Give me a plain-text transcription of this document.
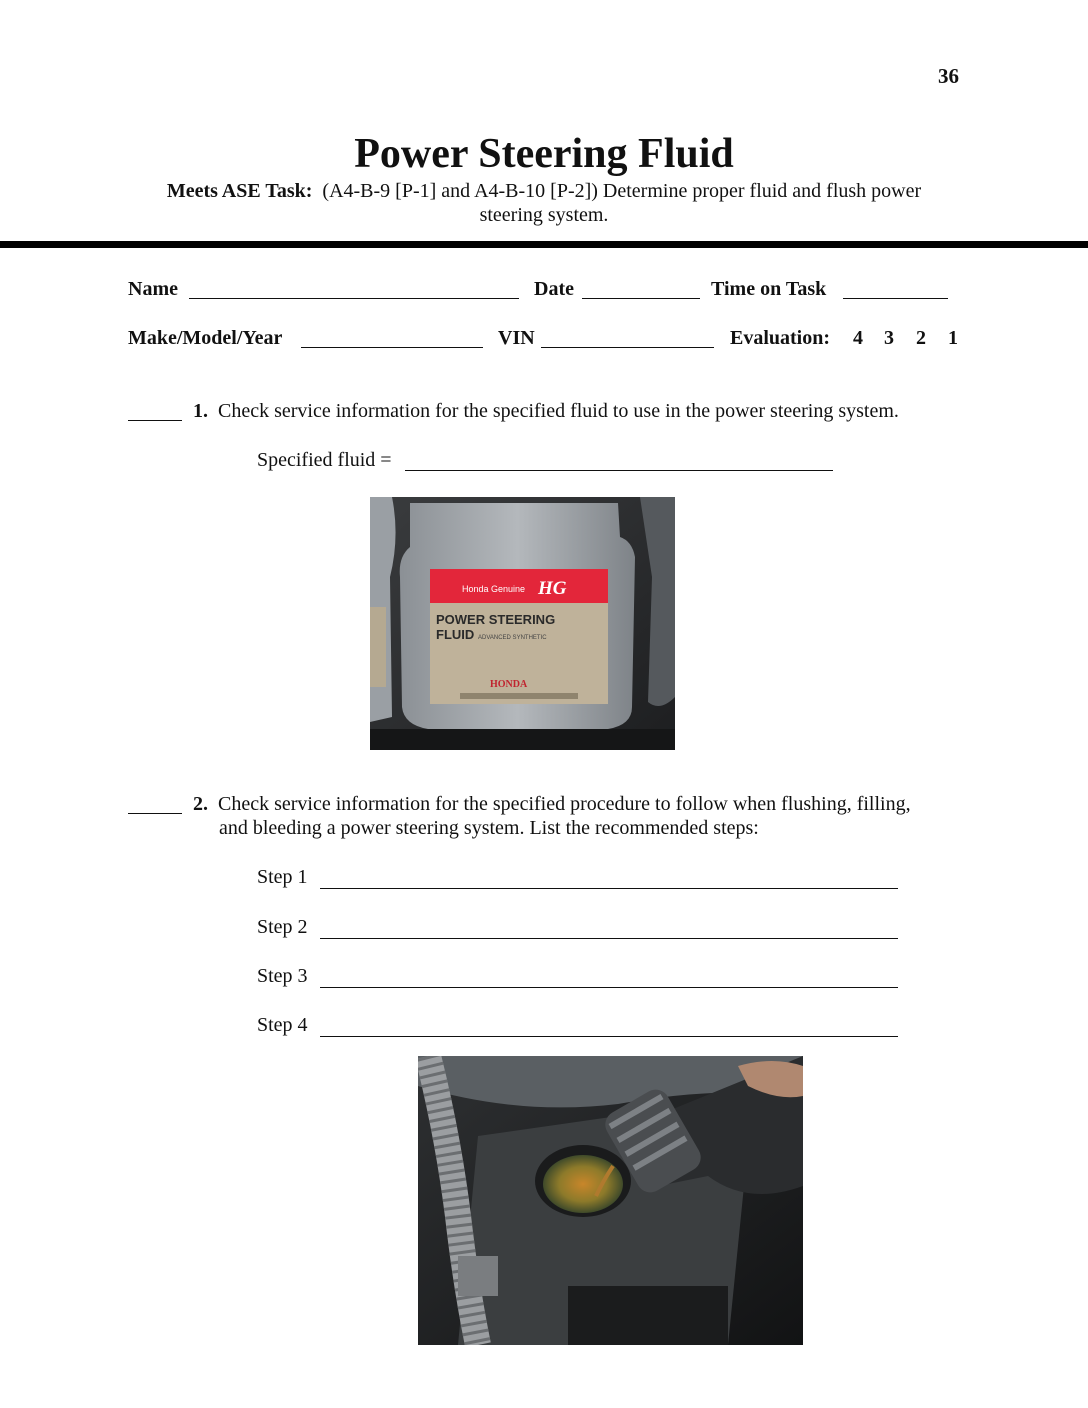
36
Power Steering Fluid
Meets ASE Task: (A4-B-9 [P-1] and A4-B-10 [P-2]) Determine proper fluid and flush power
steering system.
Name	Date	Time on Task
Make/Model/Year	VIN	Evaluation: 4 3 2 1
1. Check service information for the specified fluid to use in the power steering system.
Specified fluid =
Honda Genuine HG
POWER STEERING
FLUID ADVANCED SYNTHETIC
HONDA
2. Check service information for the specified procedure to follow when flushing, filling,
and bleeding a power steering system. List the recommended steps:
Step 1
Step 2
Step 3
Step 4
